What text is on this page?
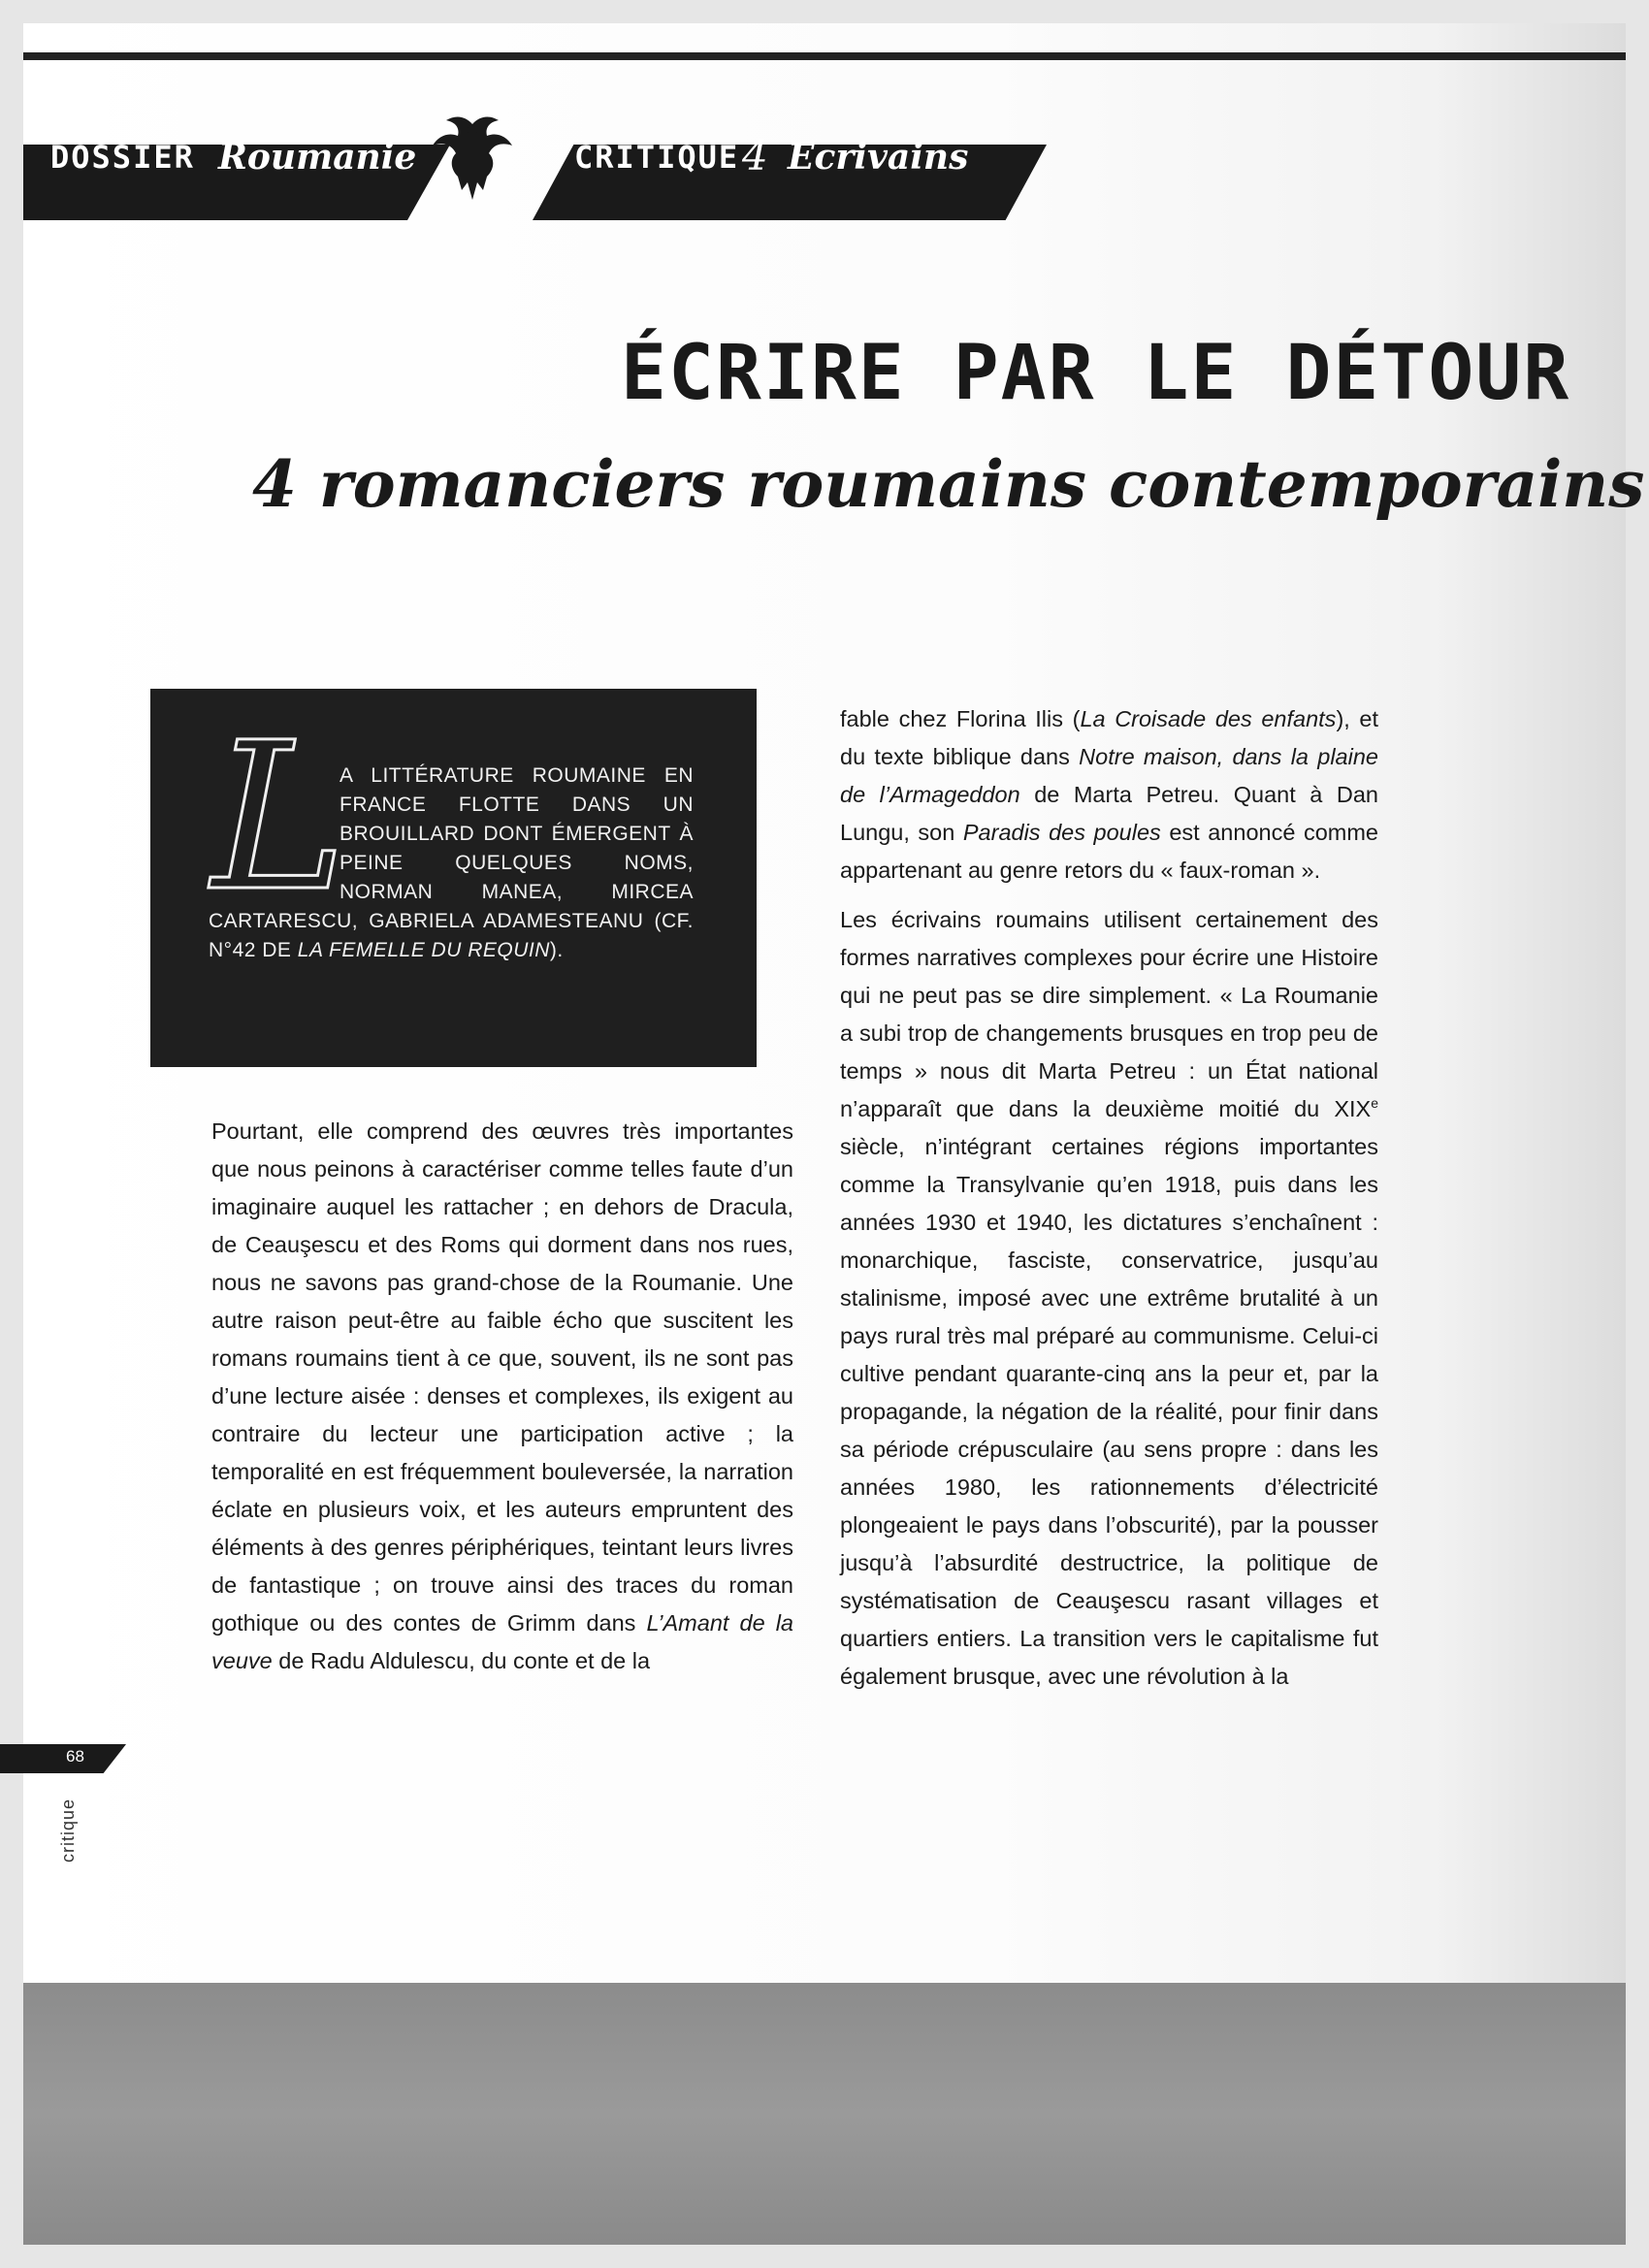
DOSSIER Roumanie	CRITIQUE 4 Ecrivains
ÉCRIRE PAR LE DÉTOUR
4 romanciers roumains contemporains
L
A LITTÉRATURE ROUMAINE EN FRANCE FLOTTE DANS UN BROUILLARD DONT ÉMERGENT À PEINE QUELQUES NOMS, NORMAN MANEA, MIRCEA CARTARESCU, GABRIELA ADAMESTEANU (CF. N°42 DE LA FEMELLE DU REQUIN).

Pourtant, elle comprend des œuvres très importantes que nous peinons à caractériser comme telles faute d’un imaginaire auquel les rattacher ; en dehors de Dracula, de Ceauşescu et des Roms qui dorment dans nos rues, nous ne savons pas grand-chose de la Roumanie. Une autre raison peut-être au faible écho que suscitent les romans roumains tient à ce que, souvent, ils ne sont pas d’une lecture aisée : denses et complexes, ils exigent au contraire du lecteur une participation active ; la temporalité en est fréquemment bouleversée, la narration éclate en plusieurs voix, et les auteurs empruntent des éléments à des genres périphériques, teintant leurs livres de fantastique ; on trouve ainsi des traces du roman gothique ou des contes de Grimm dans L’Amant de la veuve de Radu Aldulescu, du conte et de la

fable chez Florina Ilis (La Croisade des enfants), et du texte biblique dans Notre maison, dans la plaine de l’Armageddon de Marta Petreu. Quant à Dan Lungu, son Paradis des poules est annoncé comme appartenant au genre retors du « faux-roman ».

Les écrivains roumains utilisent certainement des formes narratives complexes pour écrire une Histoire qui ne peut pas se dire simplement. « La Roumanie a subi trop de changements brusques en trop peu de temps » nous dit Marta Petreu : un État national n’apparaît que dans la deuxième moitié du XIXe siècle, n’intégrant certaines régions importantes comme la Transylvanie qu’en 1918, puis dans les années 1930 et 1940, les dictatures s’enchaînent : monarchique, fasciste, conservatrice, jusqu’au stalinisme, imposé avec une extrême brutalité à un pays rural très mal préparé au communisme. Celui-ci cultive pendant quarante-cinq ans la peur et, par la propagande, la négation de la réalité, pour finir dans sa période crépusculaire (au sens propre : dans les années 1980, les rationnements d’électricité plongeaient le pays dans l’obscurité), par la pousser jusqu’à l’absurdité destructrice, la politique de systématisation de Ceauşescu rasant villages et quartiers entiers. La transition vers le capitalisme fut également brusque, avec une révolution à la

68
critique
